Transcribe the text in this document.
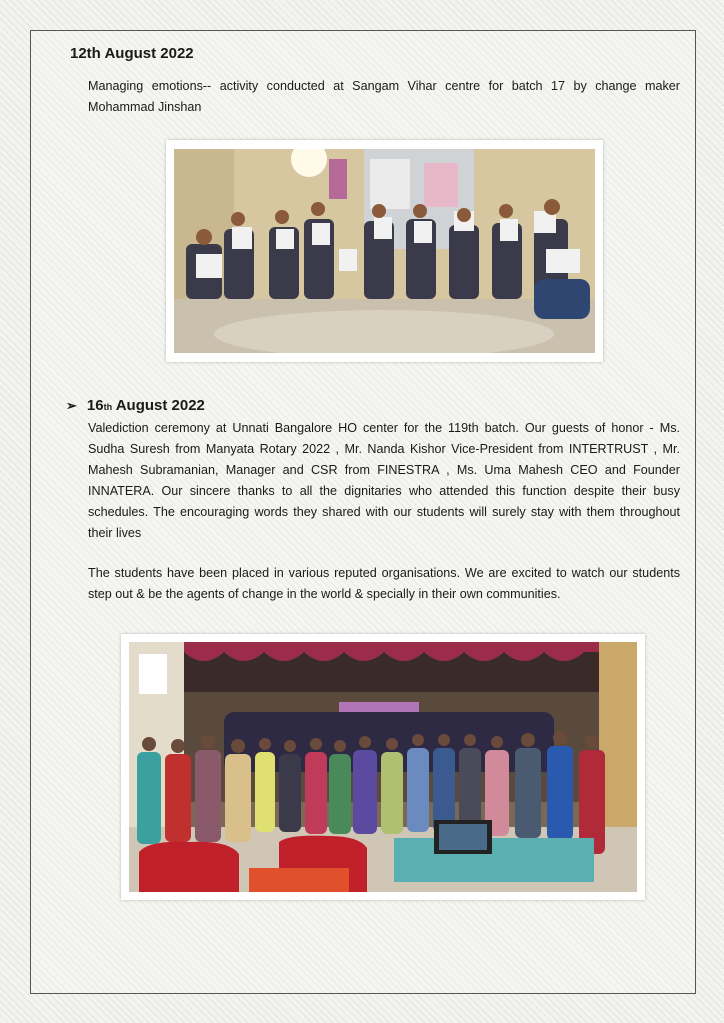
12th August 2022
Managing emotions-- activity conducted at Sangam Vihar centre for batch 17 by change maker Mohammad Jinshan
➢ 16 th August 2022
Valediction ceremony at Unnati Bangalore HO center for the 119th batch. Our guests of honor - Ms. Sudha Suresh from Manyata Rotary 2022 , Mr. Nanda Kishor Vice-President from INTERTRUST , Mr. Mahesh Subramanian, Manager and CSR from FINESTRA , Ms. Uma Mahesh CEO and Founder INNATERA. Our sincere thanks to all the dignitaries who attended this function despite their busy schedules. The encouraging words they shared with our students will surely stay with them throughout their lives
The students have been placed in various reputed organisations. We are excited to watch our students step out & be the agents of change in the world & specially in their own communities.
